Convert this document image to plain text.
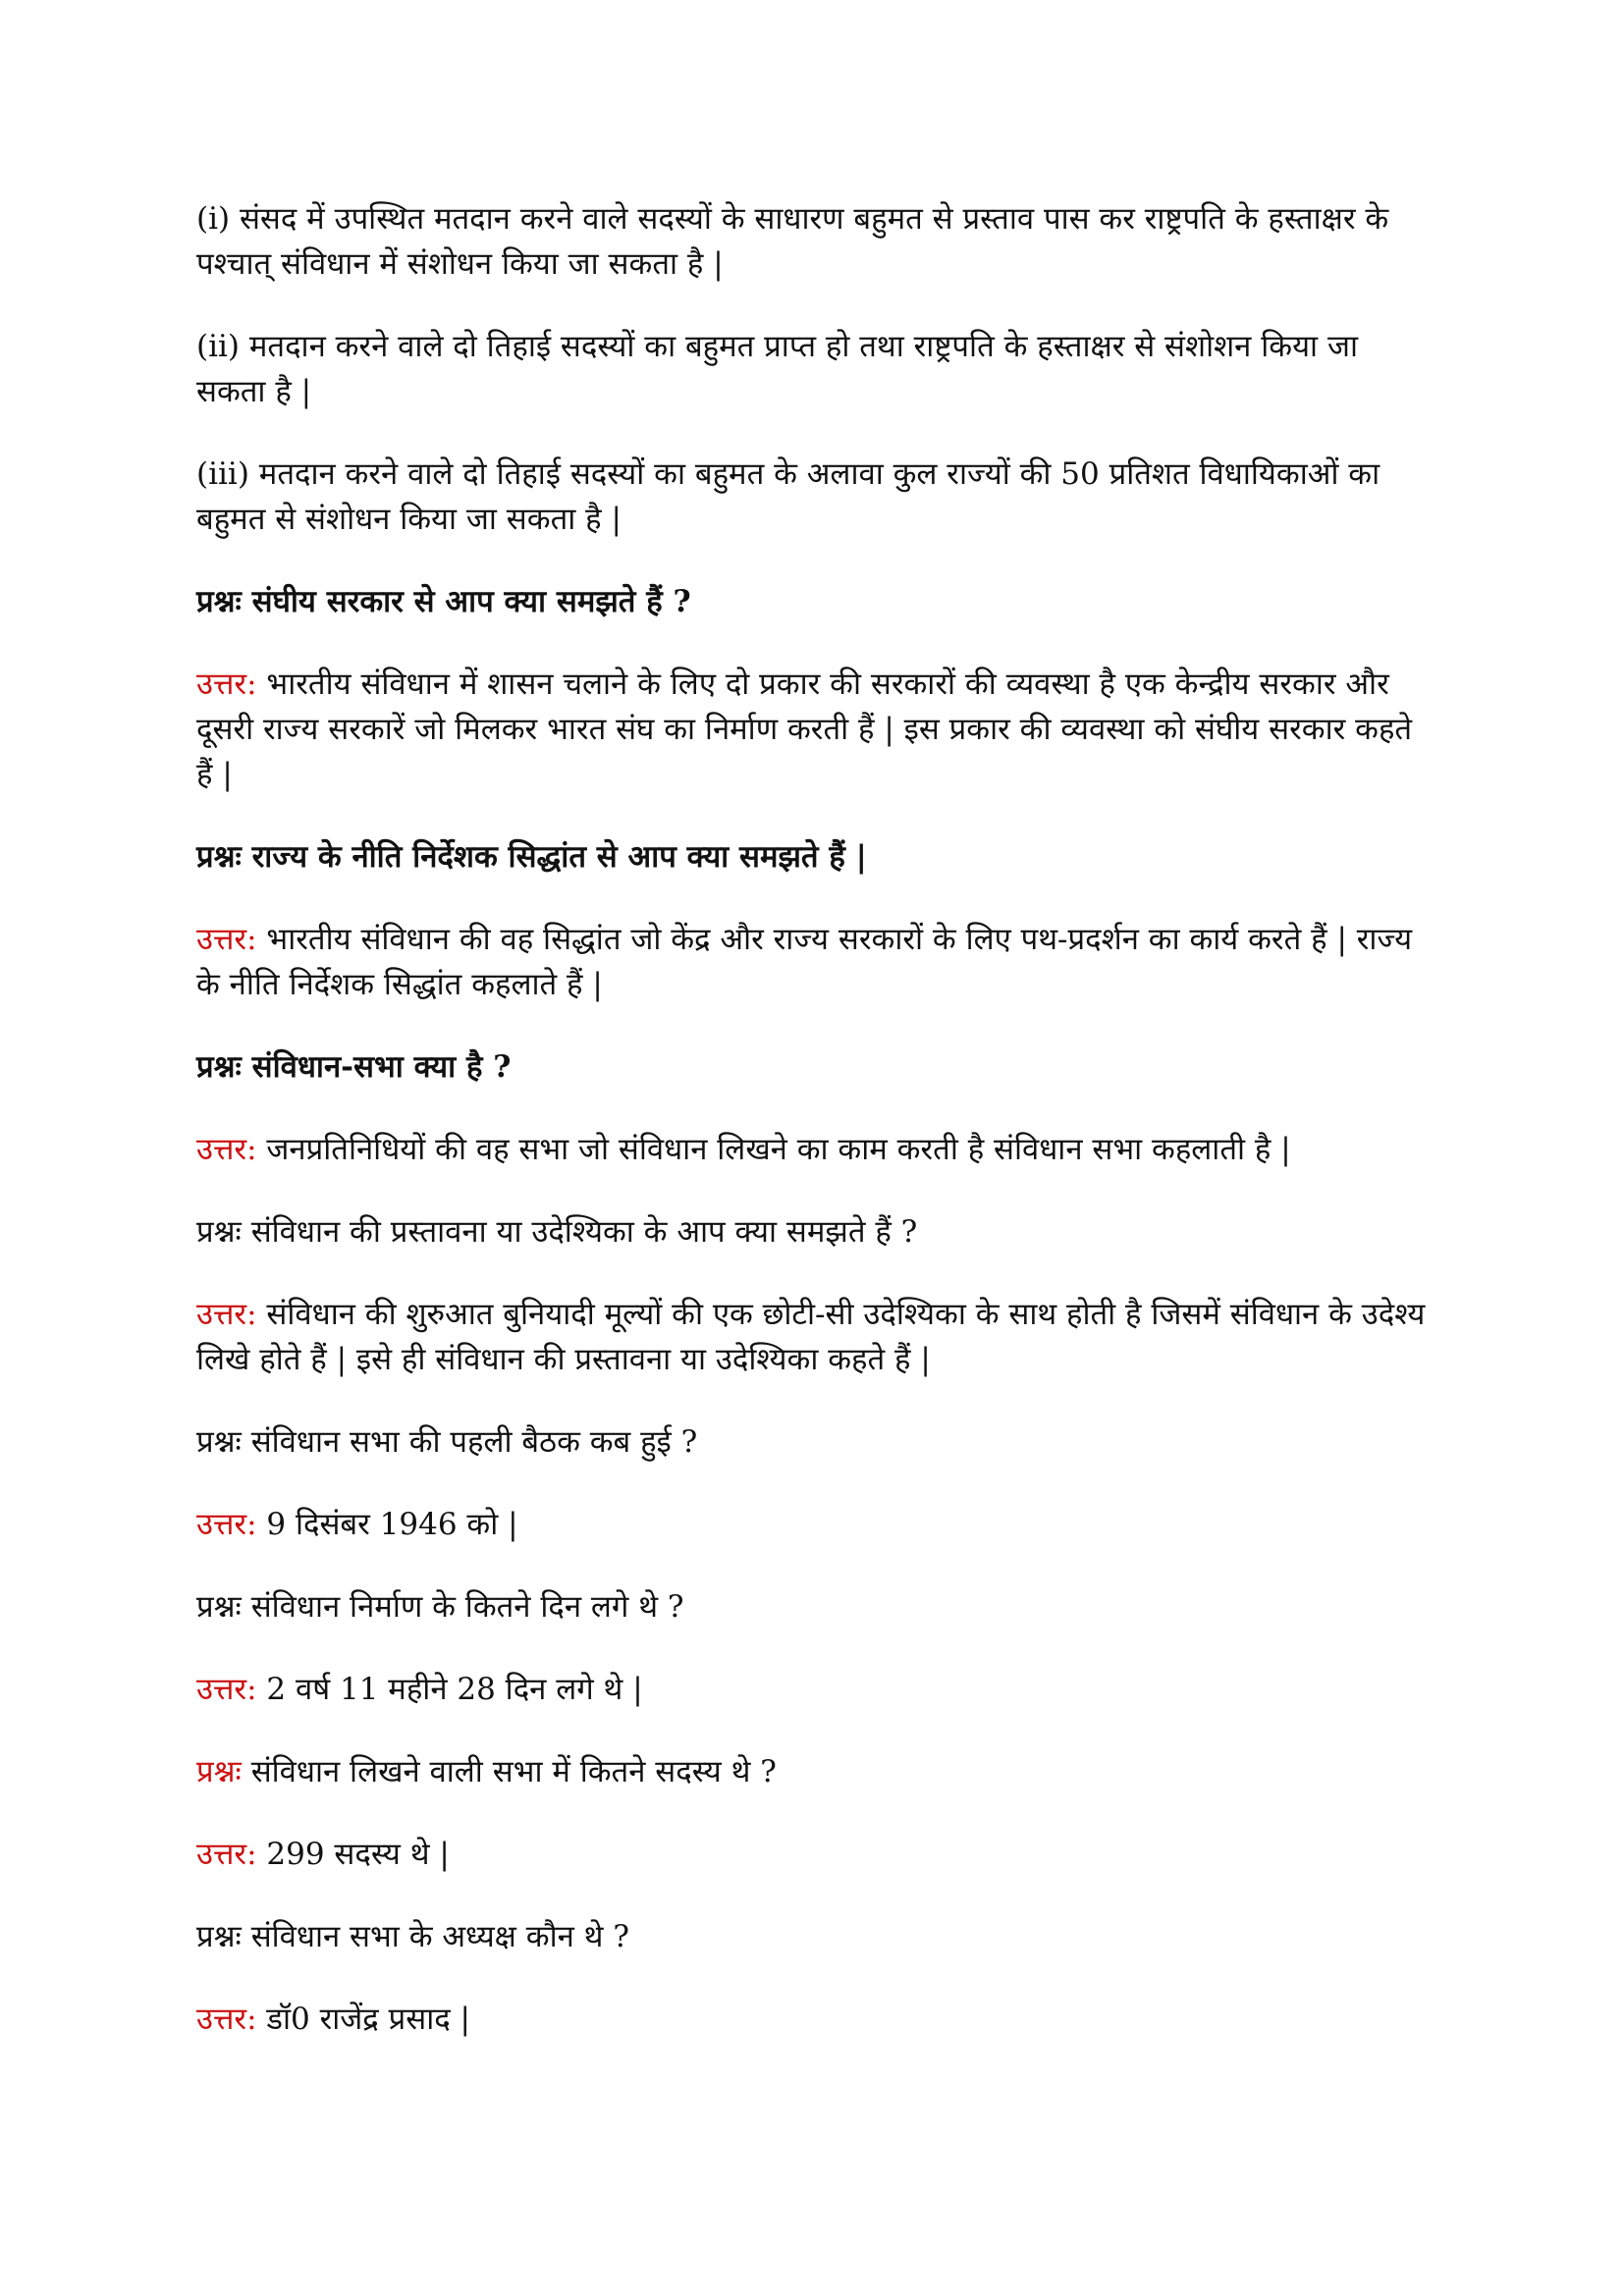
(i) संसद में उपस्थित मतदान करने वाले सदस्यों के साधारण बहुमत से प्रस्ताव पास कर राष्ट्रपति के हस्ताक्षर के पश्चात् संविधान में संशोधन किया जा सकता है |

(ii) मतदान करने वाले दो तिहाई सदस्यों का बहुमत प्राप्त हो तथा राष्ट्रपति के हस्ताक्षर से संशोशन किया जा सकता है |

(iii) मतदान करने वाले दो तिहाई सदस्यों का बहुमत के अलावा कुल राज्यों की 50 प्रतिशत विधायिकाओं का बहुमत से संशोधन किया जा सकता है |

प्रश्नः संघीय सरकार से आप क्या समझते हैं ?

उत्तर: भारतीय संविधान में शासन चलाने के लिए दो प्रकार की सरकारों की व्यवस्था है एक केन्द्रीय सरकार और दूसरी राज्य सरकारें जो मिलकर भारत संघ का निर्माण करती हैं | इस प्रकार की व्यवस्था को संघीय सरकार कहते हैं |

प्रश्नः राज्य के नीति निर्देशक सिद्धांत से आप क्या समझते हैं |

उत्तर: भारतीय संविधान की वह सिद्धांत जो केंद्र और राज्य सरकारों के लिए पथ-प्रदर्शन का कार्य करते हैं | राज्य के नीति निर्देशक सिद्धांत कहलाते हैं |

प्रश्नः संविधान-सभा क्या है ?

उत्तर: जनप्रतिनिधियों की वह सभा जो संविधान लिखने का काम करती है संविधान सभा कहलाती है |

प्रश्नः संविधान की प्रस्तावना या उदेश्यिका के आप क्या समझते हैं ?

उत्तर: संविधान की शुरुआत बुनियादी मूल्यों की एक छोटी-सी उदेश्यिका के साथ होती है जिसमें संविधान के उदेश्य लिखे होते हैं | इसे ही संविधान की प्रस्तावना या उदेश्यिका कहते हैं |

प्रश्नः संविधान सभा की पहली बैठक कब हुई ?

उत्तर: 9 दिसंबर 1946 को |

प्रश्नः संविधान निर्माण के कितने दिन लगे थे ?

उत्तर: 2 वर्ष 11 महीने 28 दिन लगे थे |

प्रश्नः संविधान लिखने वाली सभा में कितने सदस्य थे ?

उत्तर: 299 सदस्य थे |

प्रश्नः संविधान सभा के अध्यक्ष कौन थे ?

उत्तर: डॉ0 राजेंद्र प्रसाद |
